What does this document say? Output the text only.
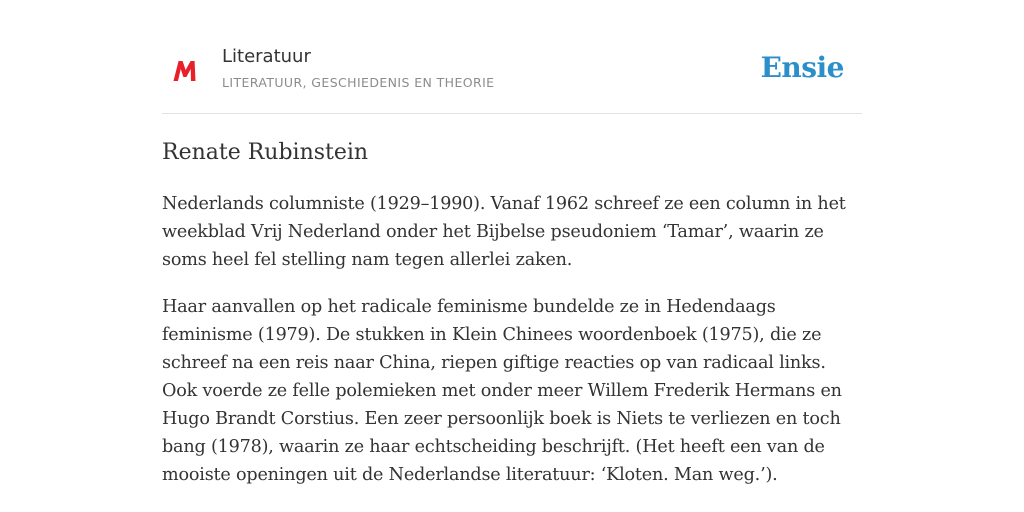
Literatuur
LITERATUUR, GESCHIEDENIS EN THEORIE	Ensie
Renate Rubinstein

Nederlands columniste (1929–1990). Vanaf 1962 schreef ze een column in het weekblad Vrij Nederland onder het Bijbelse pseudoniem ‘Tamar’, waarin ze soms heel fel stelling nam tegen allerlei zaken.

Haar aanvallen op het radicale feminisme bundelde ze in Hedendaags feminisme (1979). De stukken in Klein Chinees woordenboek (1975), die ze schreef na een reis naar China, riepen giftige reacties op van radicaal links. Ook voerde ze felle polemieken met onder meer Willem Frederik Hermans en Hugo Brandt Corstius. Een zeer persoonlijk boek is Niets te verliezen en toch bang (1978), waarin ze haar echtscheiding beschrijft. (Het heeft een van de mooiste openingen uit de Nederlandse literatuur: ‘Kloten. Man weg.’).
